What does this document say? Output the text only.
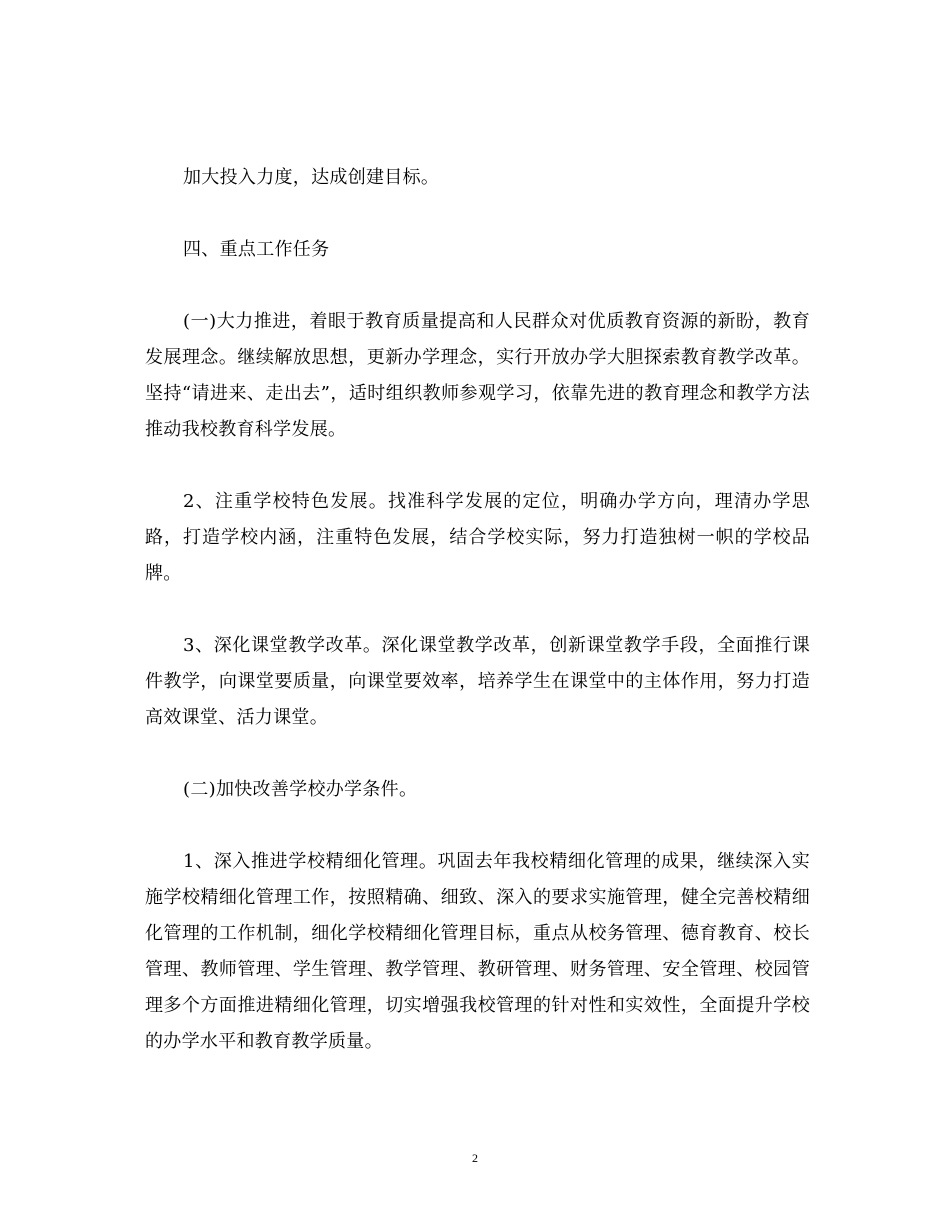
加大投入力度，达成创建目标。

四、重点工作任务

(一)大力推进，着眼于教育质量提高和人民群众对优质教育资源的新盼，教育发展理念。继续解放思想，更新办学理念，实行开放办学大胆探索教育教学改革。坚持“请进来、走出去”，适时组织教师参观学习，依靠先进的教育理念和教学方法推动我校教育科学发展。

2、注重学校特色发展。找准科学发展的定位，明确办学方向，理清办学思路，打造学校内涵，注重特色发展，结合学校实际，努力打造独树一帜的学校品牌。

3、深化课堂教学改革。深化课堂教学改革，创新课堂教学手段，全面推行课件教学，向课堂要质量，向课堂要效率，培养学生在课堂中的主体作用，努力打造高效课堂、活力课堂。

(二)加快改善学校办学条件。

1、深入推进学校精细化管理。巩固去年我校精细化管理的成果，继续深入实施学校精细化管理工作，按照精确、细致、深入的要求实施管理，健全完善校精细化管理的工作机制，细化学校精细化管理目标，重点从校务管理、德育教育、校长管理、教师管理、学生管理、教学管理、教研管理、财务管理、安全管理、校园管理多个方面推进精细化管理，切实增强我校管理的针对性和实效性，全面提升学校的办学水平和教育教学质量。

2
